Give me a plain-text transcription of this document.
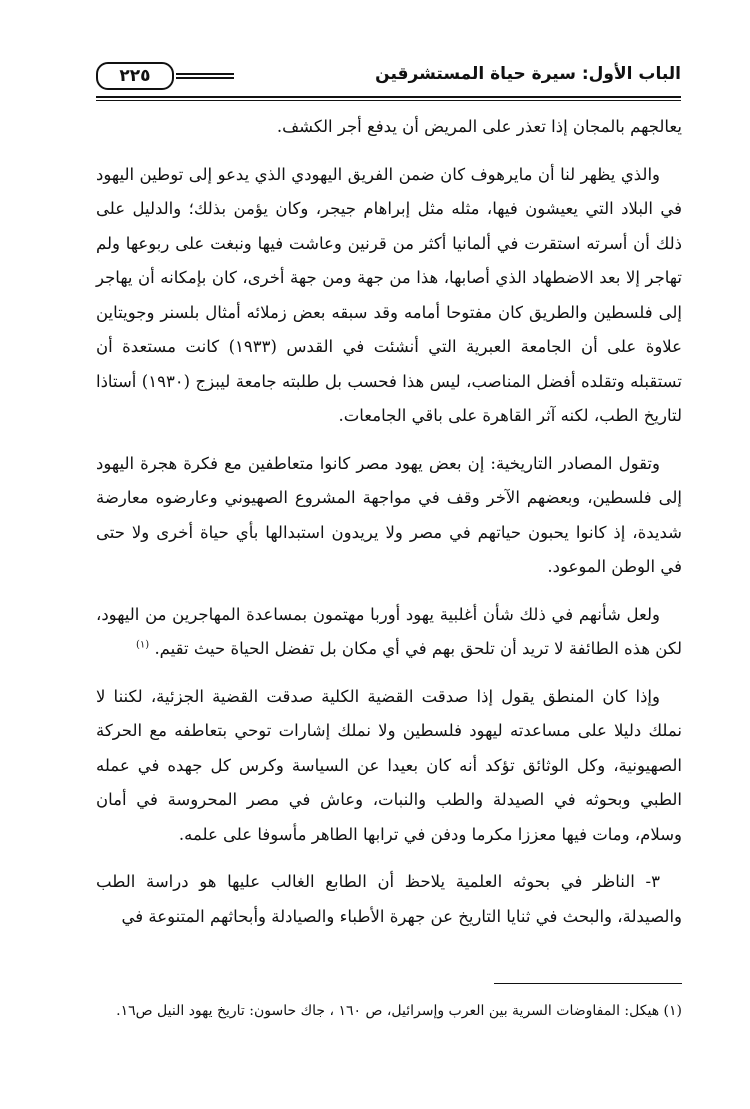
الباب الأول: سيرة حياة المستشرقين
٢٢٥

يعالجهم بالمجان إذا تعذر على المريض أن يدفع أجر الكشف.

والذي يظهر لنا أن مايرهوف كان ضمن الفريق اليهودي الذي يدعو إلى توطين اليهود في البلاد التي يعيشون فيها، مثله مثل إبراهام جيجر، وكان يؤمن بذلك؛ والدليل على ذلك أن أسرته استقرت في ألمانيا أكثر من قرنين وعاشت فيها ونبغت على ربوعها ولم تهاجر إلا بعد الاضطهاد الذي أصابها، هذا من جهة ومن جهة أخرى، كان بإمكانه أن يهاجر إلى فلسطين والطريق كان مفتوحا أمامه وقد سبقه بعض زملائه أمثال بلسنر وجويتاين علاوة على أن الجامعة العبرية التي أنشئت في القدس (١٩٣٣) كانت مستعدة أن تستقبله وتقلده أفضل المناصب، ليس هذا فحسب بل طلبته جامعة ليبزج (١٩٣٠) أستاذا لتاريخ الطب، لكنه آثر القاهرة على باقي الجامعات.

وتقول المصادر التاريخية: إن بعض يهود مصر كانوا متعاطفين مع فكرة هجرة اليهود إلى فلسطين، وبعضهم الآخر وقف في مواجهة المشروع الصهيوني وعارضوه معارضة شديدة، إذ كانوا يحبون حياتهم في مصر ولا يريدون استبدالها بأي حياة أخرى ولا حتى في الوطن الموعود.

ولعل شأنهم في ذلك شأن أغلبية يهود أوربا مهتمون بمساعدة المهاجرين من اليهود، لكن هذه الطائفة لا تريد أن تلحق بهم في أي مكان بل تفضل الحياة حيث تقيم. $^{(١)}$

وإذا كان المنطق يقول إذا صدقت القضية الكلية صدقت القضية الجزئية، لكننا لا نملك دليلا على مساعدته ليهود فلسطين ولا نملك إشارات توحي بتعاطفه مع الحركة الصهيونية، وكل الوثائق تؤكد أنه كان بعيدا عن السياسة وكرس كل جهده في عمله الطبي وبحوثه في الصيدلة والطب والنبات، وعاش في مصر المحروسة في أمان وسلام، ومات فيها معززا مكرما ودفن في ترابها الطاهر مأسوفا على علمه.

٣- الناظر في بحوثه العلمية يلاحظ أن الطابع الغالب عليها هو دراسة الطب والصيدلة، والبحث في ثنايا التاريخ عن جهرة الأطباء والصيادلة وأبحاثهم المتنوعة في

(١) هيكل: المفاوضات السرية بين العرب وإسرائيل، ص ١٦٠ ، جاك حاسون: تاريخ يهود النيل ص١٦.
